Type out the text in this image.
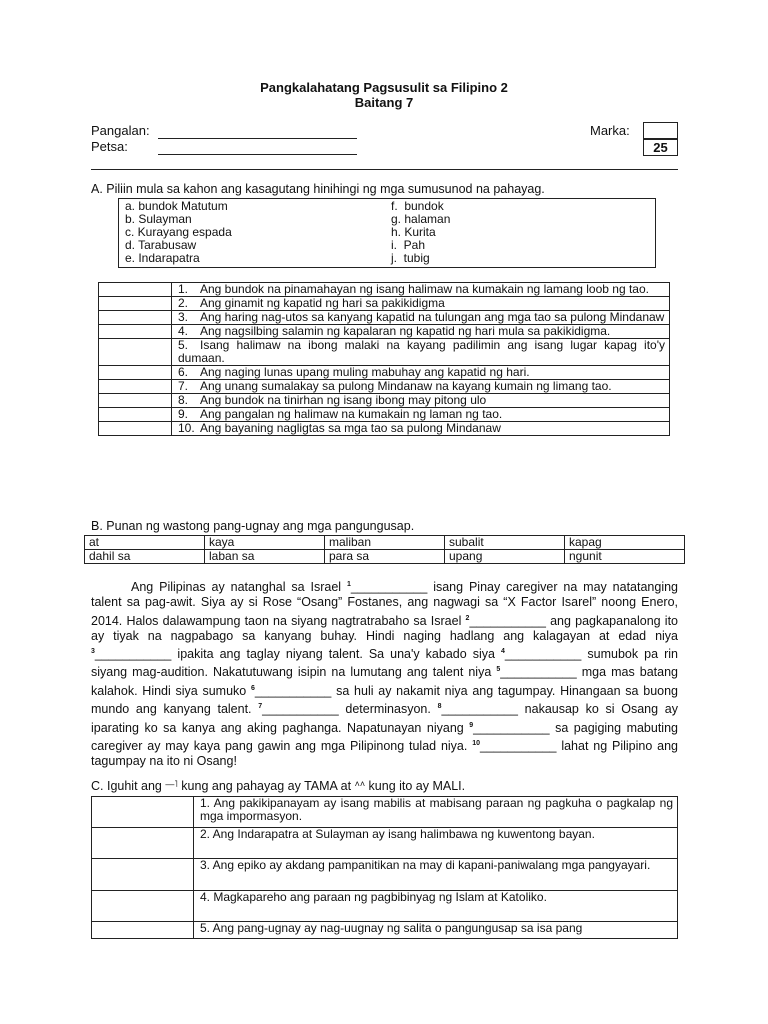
Pangkalahatang Pagsusulit sa Filipino 2
Baitang 7
Pangalan:
Petsa:
Marka:
25
A. Piliin mula sa kahon ang kasagutang hinihingi ng mga sumusunod na pahayag.
a. bundok Matutum
b. Sulayman
c. Kurayang espada
d. Tarabusaw
e. Indarapatra
f.  bundok
g. halaman
h. Kurita
i.  Pah
j.  tubig
	1. Ang bundok na pinamahayan ng isang halimaw na kumakain ng lamang loob ng tao.
	2. Ang ginamit ng kapatid ng hari sa pakikidigma
	3. Ang haring nag-utos sa kanyang kapatid na tulungan ang mga tao sa pulong Mindanaw
	4. Ang nagsilbing salamin ng kapalaran ng kapatid ng hari mula sa pakikidigma.
	5. Isang halimaw na ibong malaki na kayang padilimin ang isang lugar kapag ito'y dumaan.
	6. Ang naging lunas upang muling mabuhay ang kapatid ng hari.
	7. Ang unang sumalakay sa pulong Mindanaw na kayang kumain ng limang tao.
	8. Ang bundok na tinirhan ng isang ibong may pitong ulo
	9. Ang pangalan ng halimaw na kumakain ng laman ng tao.
	10. Ang bayaning nagligtas sa mga tao sa pulong Mindanaw
B. Punan ng wastong pang-ugnay ang mga pangungusap.
at	kaya	maliban	subalit	kapag
dahil sa	laban sa	para sa	upang	ngunit

Ang Pilipinas ay natanghal sa Israel $^1$___________ isang Pinay caregiver na may natatanging talent sa pag-awit. Siya ay si Rose “Osang” Fostanes, ang nagwagi sa “X Factor Isarel” noong Enero, 2014. Halos dalawampung taon na siyang nagtratrabaho sa Israel $^2$___________ ang pagkapanalong ito ay tiyak na nagpabago sa kanyang buhay. Hindi naging hadlang ang kalagayan at edad niya $^3$___________ ipakita ang taglay niyang talent. Sa una'y kabado siya $^4$___________ sumubok pa rin siyang mag-audition. Nakatutuwang isipin na lumutang ang talent niya $^5$___________ mga mas batang kalahok. Hindi siya sumuko $^6$___________ sa huli ay nakamit niya ang tagumpay. Hinangaan sa buong mundo ang kanyang talent. $^7$___________ determinasyon. $^8$___________ nakausap ko si Osang ay iparating ko sa kanya ang aking paghanga. Napatunayan niyang $^9$___________ sa pagiging mabuting caregiver ay may kaya pang gawin ang mga Pilipinong tulad niya. $^{10}$___________ lahat ng Pilipino ang tagumpay na ito ni Osang!

C. Iguhit ang —˥ kung ang pahayag ay TAMA at ˄˄ kung ito ay MALI.
	1. Ang pakikipanayam ay isang mabilis at mabisang paraan ng pagkuha o pagkalap ng mga impormasyon.
	2. Ang Indarapatra at Sulayman ay isang halimbawa ng kuwentong bayan.
	3. Ang epiko ay akdang pampanitikan na may di kapani-paniwalang mga pangyayari.
	4. Magkapareho ang paraan ng pagbibinyag ng Islam at Katoliko.
	5. Ang pang-ugnay ay nag-uugnay ng salita o pangungusap sa isa pang
